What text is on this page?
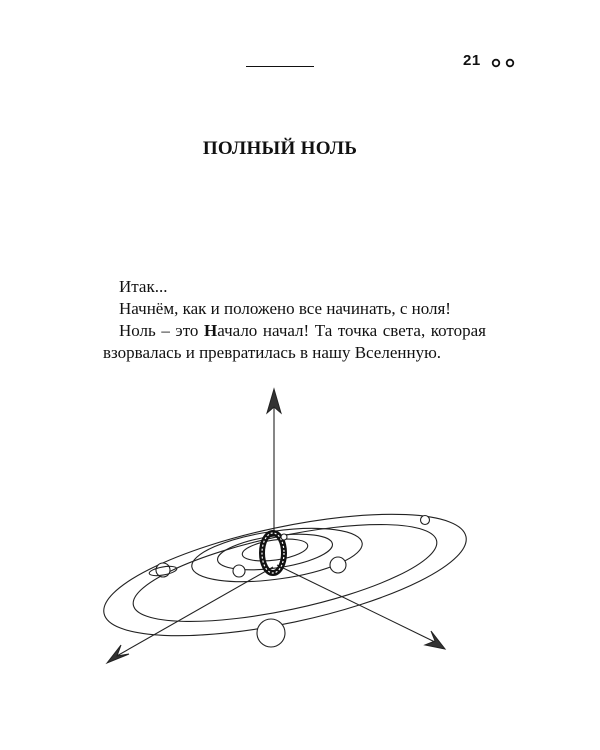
21
ПОЛНЫЙ НОЛЬ

Итак...

Начнём, как и положено все начинать, с ноля!

Ноль – это Начало начал! Та точка света, которая взорвалась и превратилась в нашу Вселенную.
